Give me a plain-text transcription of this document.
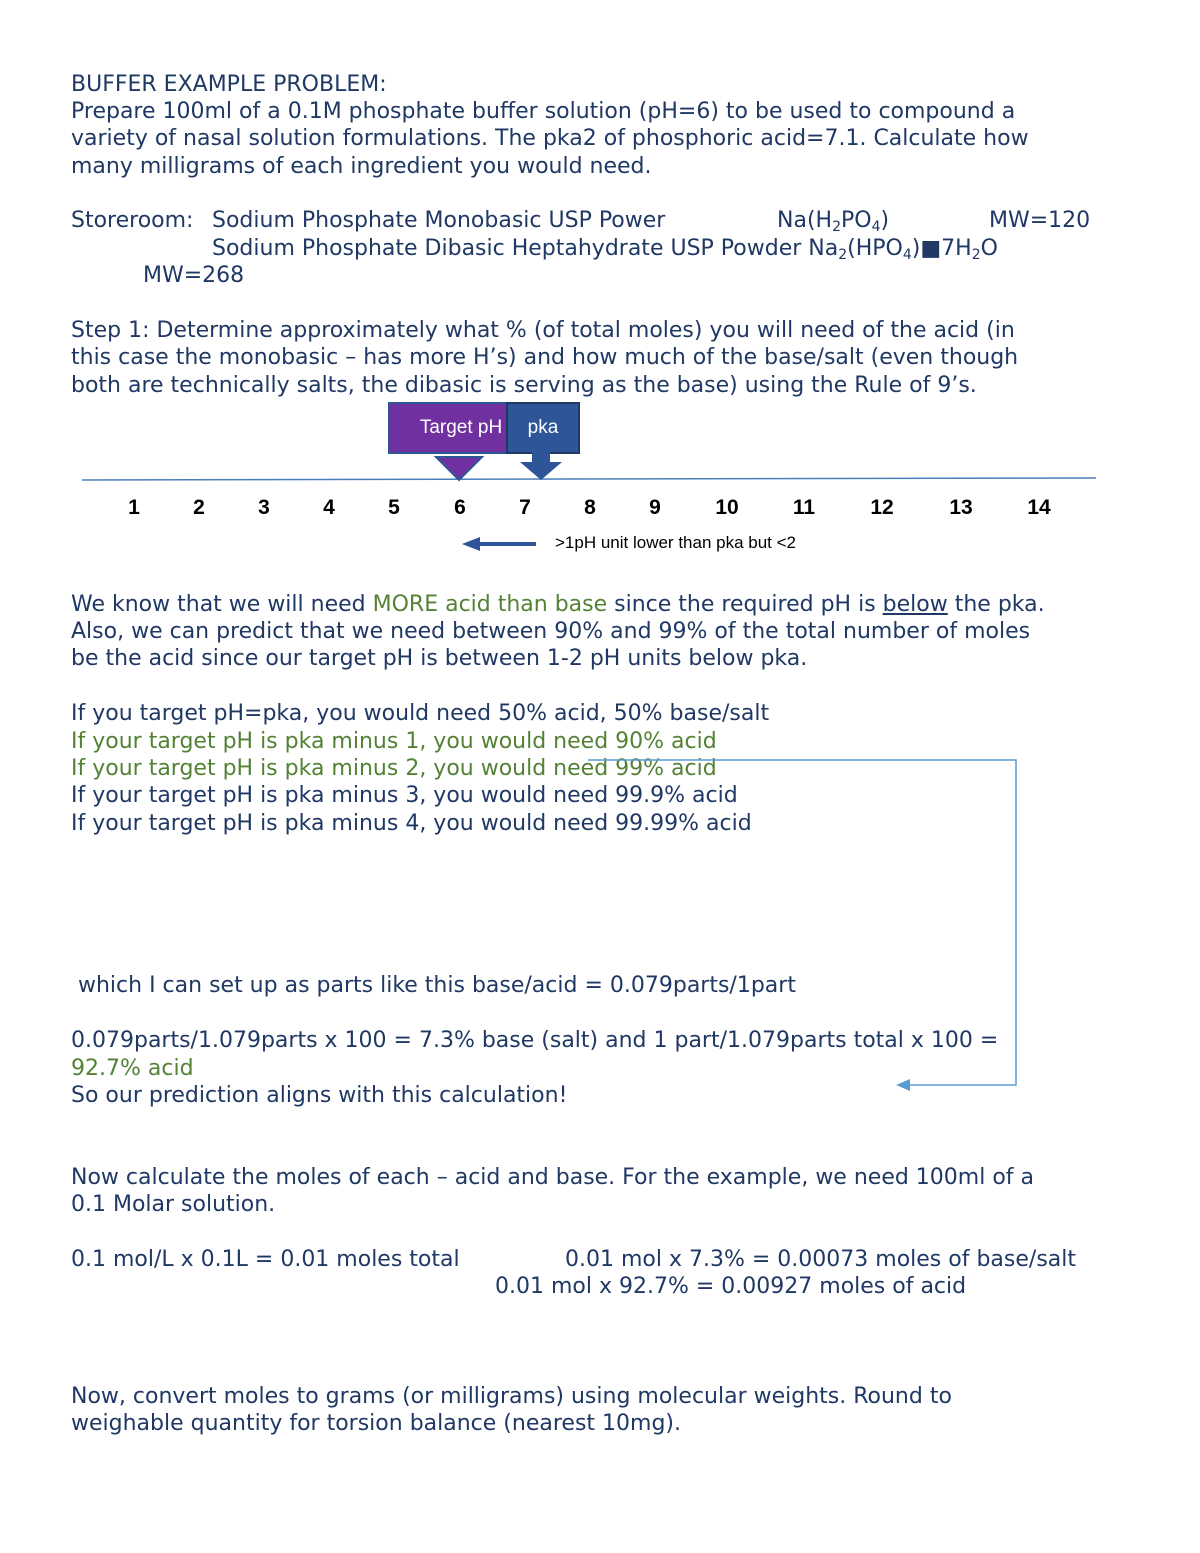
BUFFER EXAMPLE PROBLEM:
Prepare 100ml of a 0.1M phosphate buffer solution (pH=6) to be used to compound a
variety of nasal solution formulations. The pka2 of phosphoric acid=7.1. Calculate how
many milligrams of each ingredient you would need.
Storeroom: Sodium Phosphate Monobasic USP Power	$Na(H_2PO_4)$	MW=120
Sodium Phosphate Dibasic Heptahydrate USP Powder $Na_2(HPO_4)■7H_2O$
MW=268
Step 1: Determine approximately what % (of total moles) you will need of the acid (in
this case the monobasic – has more H’s) and how much of the base/salt (even though
both are technically salts, the dibasic is serving as the base) using the Rule of 9’s.
Target pH	pka
1	2	3	4	5	6	7	8	9	10	11	12	13	14
>1pH unit lower than pka but <2
We know that we will need MORE acid than base since the required pH is below the pka.
Also, we can predict that we need between 90% and 99% of the total number of moles
be the acid since our target pH is between 1-2 pH units below pka.
If you target pH=pka, you would need 50% acid, 50% base/salt
If your target pH is pka minus 1, you would need 90% acid
If your target pH is pka minus 2, you would need 99% acid
If your target pH is pka minus 3, you would need 99.9% acid
If your target pH is pka minus 4, you would need 99.99% acid
which I can set up as parts like this base/acid = 0.079parts/1part
0.079parts/1.079parts x 100 = 7.3% base (salt) and 1 part/1.079parts total x 100 =
92.7% acid
So our prediction aligns with this calculation!
Now calculate the moles of each – acid and base. For the example, we need 100ml of a
0.1 Molar solution.
0.1 mol/L x 0.1L = 0.01 moles total	0.01 mol x 7.3% = 0.00073 moles of base/salt
0.01 mol x 92.7% = 0.00927 moles of acid
Now, convert moles to grams (or milligrams) using molecular weights. Round to
weighable quantity for torsion balance (nearest 10mg).
